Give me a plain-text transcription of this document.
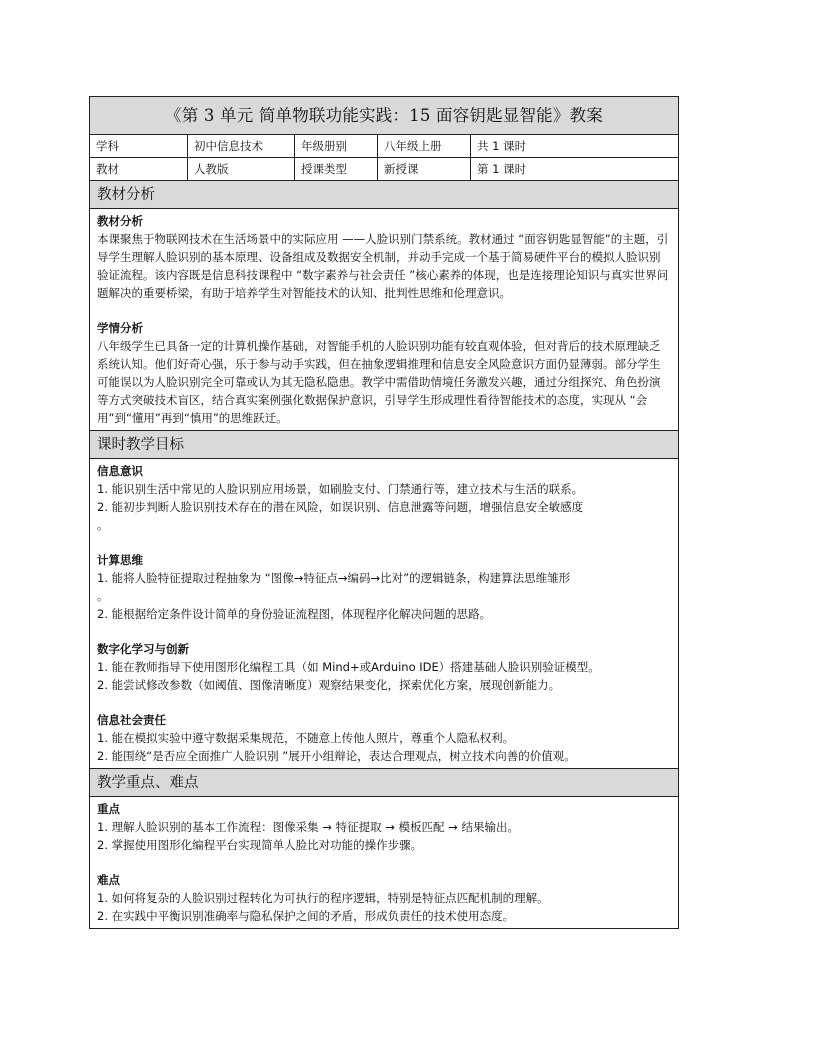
《第 3 单元 简单物联功能实践：15 面容钥匙显智能》教案
学科	初中信息技术	年级册别	八年级上册	共 1 课时
教材	人教版	授课类型	新授课	第 1 课时
教材分析
教材分析

本课聚焦于物联网技术在生活场景中的实际应用 ——人脸识别门禁系统。教材通过 “面容钥匙显智能”的主题，引导学生理解人脸识别的基本原理、设备组成及数据安全机制，并动手完成一个基于简易硬件平台的模拟人脸识别验证流程。该内容既是信息科技课程中 “数字素养与社会责任 ”核心素养的体现，也是连接理论知识与真实世界问题解决的重要桥梁，有助于培养学生对智能技术的认知、批判性思维和伦理意识。

学情分析

八年级学生已具备一定的计算机操作基础，对智能手机的人脸识别功能有较直观体验，但对背后的技术原理缺乏系统认知。他们好奇心强，乐于参与动手实践，但在抽象逻辑推理和信息安全风险意识方面仍显薄弱。部分学生可能误以为人脸识别完全可靠或认为其无隐私隐患。教学中需借助情境任务激发兴趣，通过分组探究、角色扮演等方式突破技术盲区，结合真实案例强化数据保护意识，引导学生形成理性看待智能技术的态度，实现从 “会用”到“懂用”再到“慎用”的思维跃迁。

课时教学目标
信息意识
1. 能识别生活中常见的人脸识别应用场景，如刷脸支付、门禁通行等，建立技术与生活的联系。
2. 能初步判断人脸识别技术存在的潜在风险，如误识别、信息泄露等问题，增强信息安全敏感度
。
计算思维
1. 能将人脸特征提取过程抽象为 “图像→特征点→编码→比对”的逻辑链条，构建算法思维雏形
。
2. 能根据给定条件设计简单的身份验证流程图，体现程序化解决问题的思路。
数字化学习与创新
1. 能在教师指导下使用图形化编程工具（如 Mind+或Arduino IDE）搭建基础人脸识别验证模型。
2. 能尝试修改参数（如阈值、图像清晰度）观察结果变化，探索优化方案，展现创新能力。
信息社会责任
1. 能在模拟实验中遵守数据采集规范，不随意上传他人照片，尊重个人隐私权利。
2. 能围绕“是否应全面推广人脸识别 ”展开小组辩论，表达合理观点，树立技术向善的价值观。
教学重点、难点
重点
1. 理解人脸识别的基本工作流程：图像采集 → 特征提取 → 模板匹配 → 结果输出。
2. 掌握使用图形化编程平台实现简单人脸比对功能的操作步骤。
难点
1. 如何将复杂的人脸识别过程转化为可执行的程序逻辑，特别是特征点匹配机制的理解。
2. 在实践中平衡识别准确率与隐私保护之间的矛盾，形成负责任的技术使用态度。
